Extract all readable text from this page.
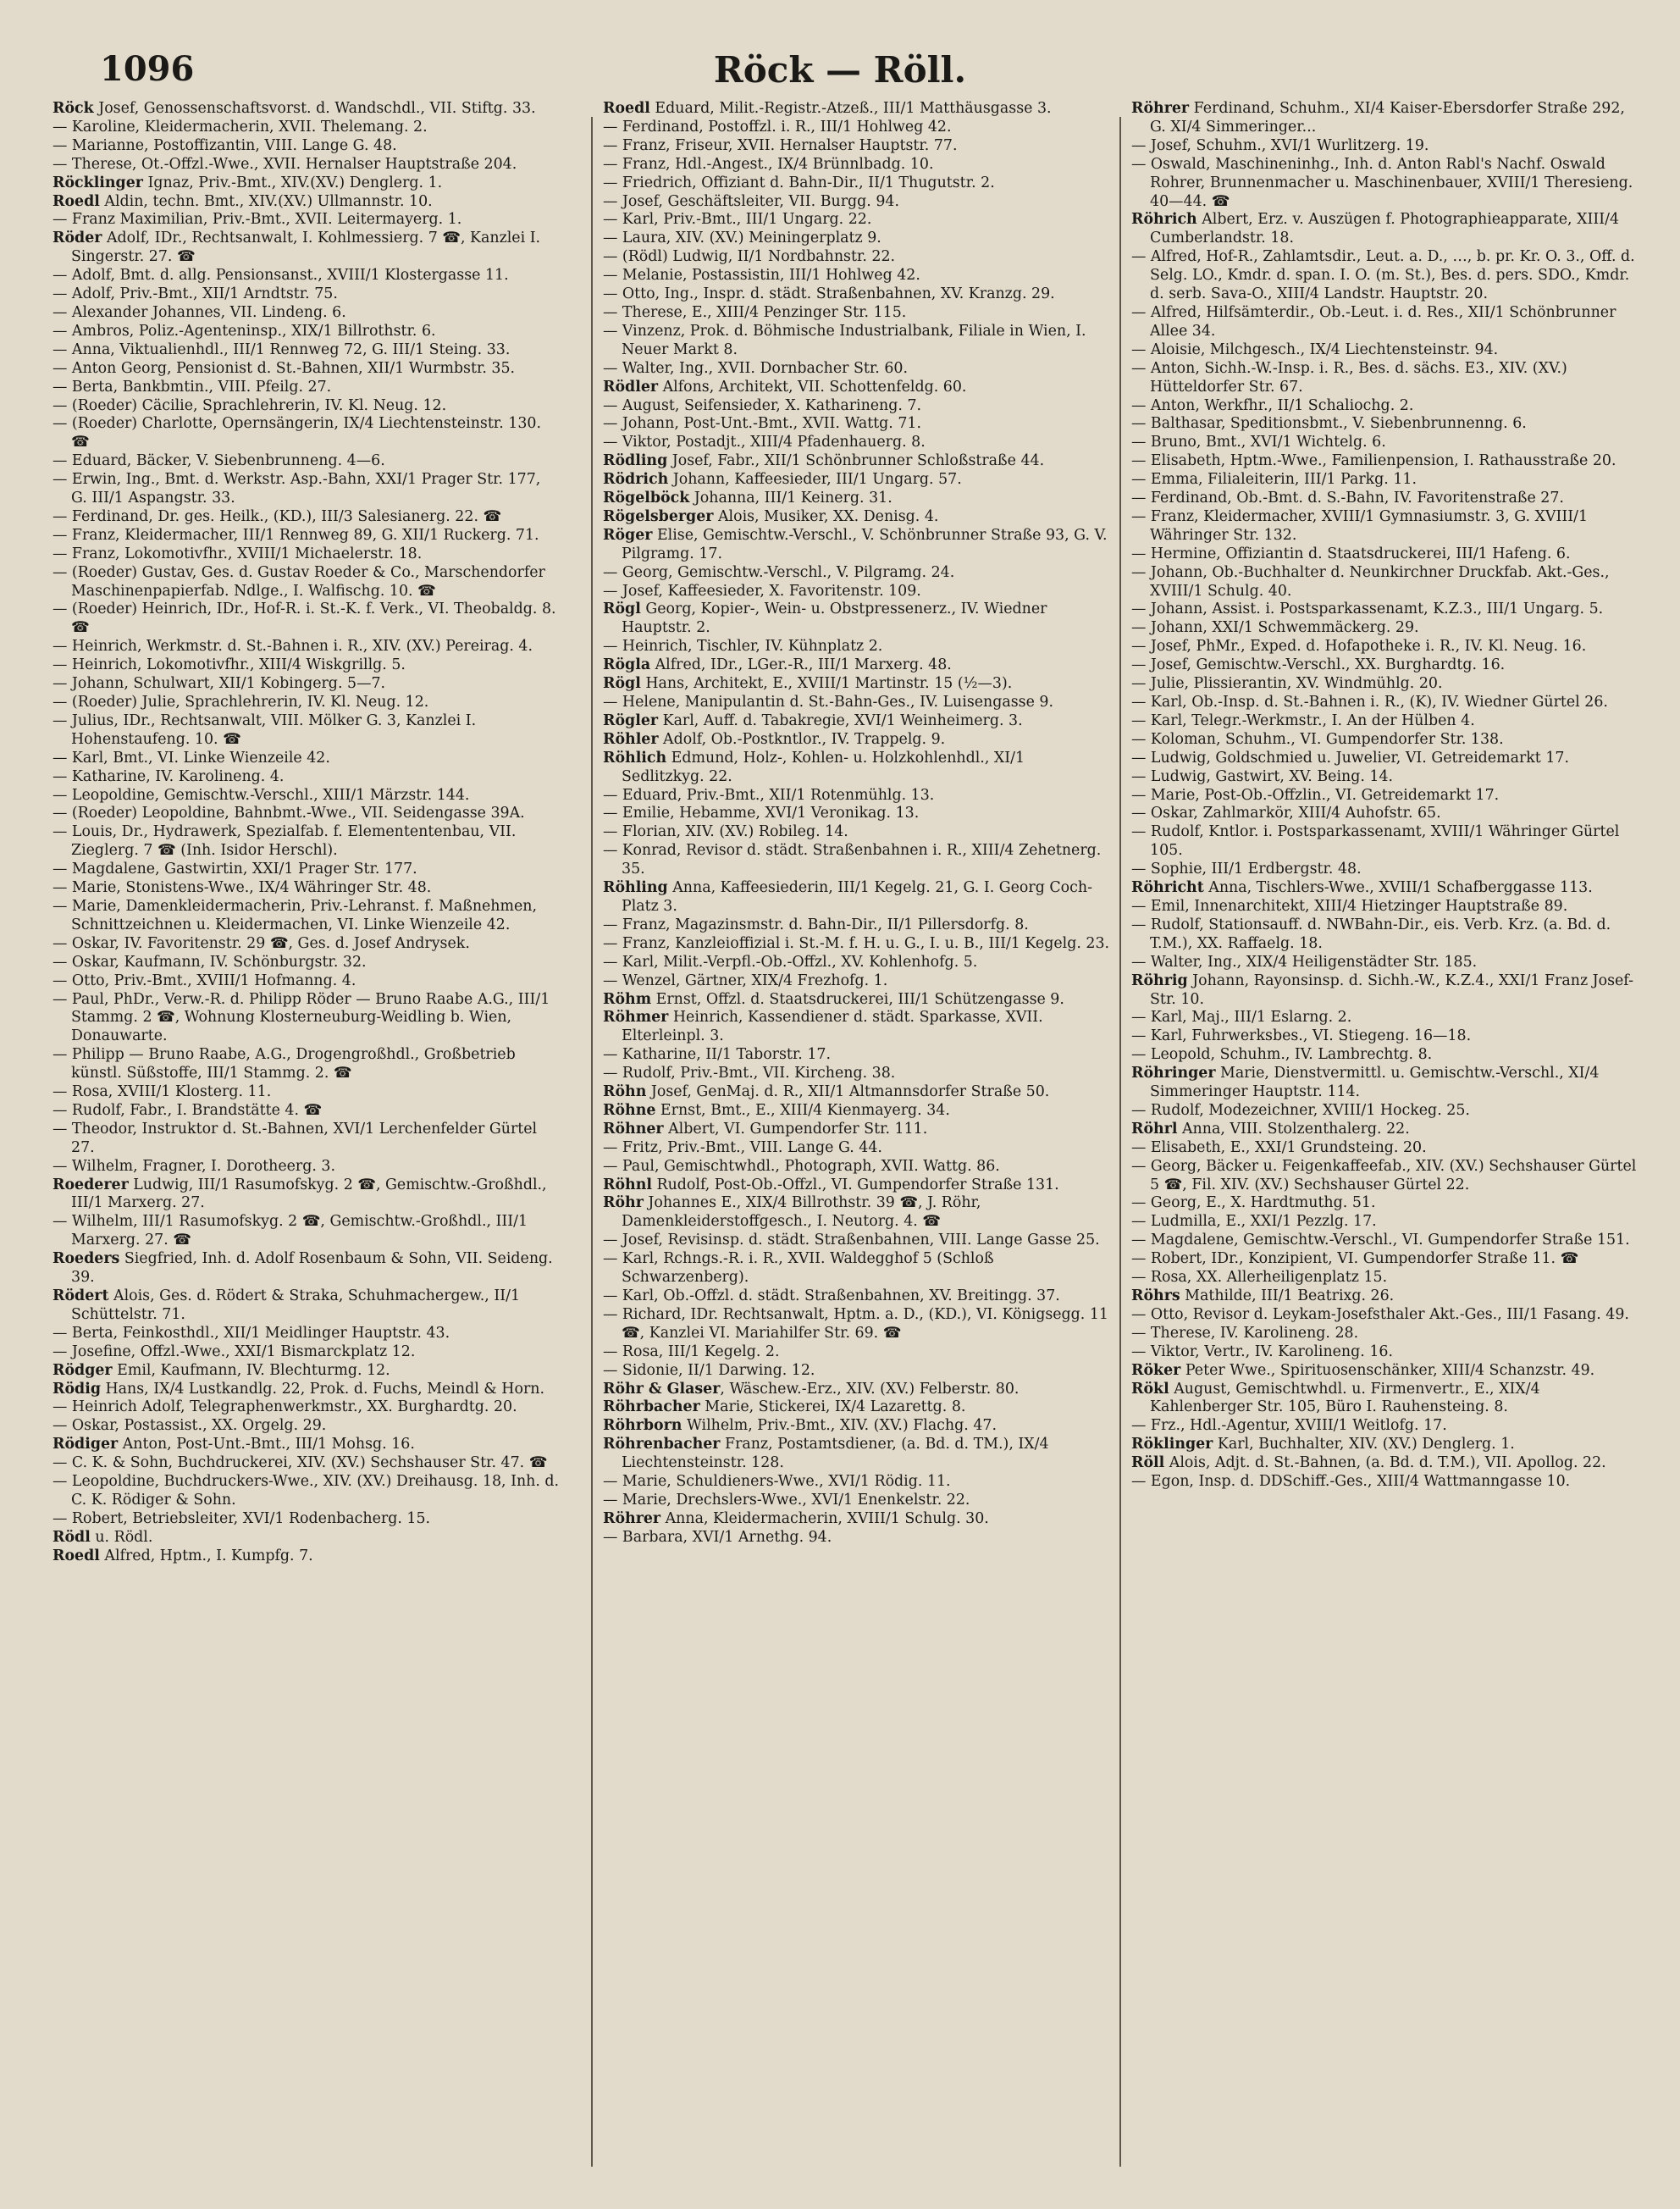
1096	Röck — Röll.

Röck Josef, Genossenschaftsvorst. d. Wandschdl., VII. Stiftg. 33.

— Karoline, Kleidermacherin, XVII. Thelemang. 2.

— Marianne, Postoffizantin, VIII. Lange G. 48.

— Therese, Ot.-Offzl.-Wwe., XVII. Hernalser Hauptstraße 204.

Röcklinger Ignaz, Priv.-Bmt., XIV.(XV.) Denglerg. 1.

Roedl Aldin, techn. Bmt., XIV.(XV.) Ullmannstr. 10.

— Franz Maximilian, Priv.-Bmt., XVII. Leitermayerg. 1.

Röder Adolf, IDr., Rechtsanwalt, I. Kohlmessierg. 7 ☎, Kanzlei I. Singerstr. 27. ☎

— Adolf, Bmt. d. allg. Pensionsanst., XVIII/1 Klostergasse 11.

— Adolf, Priv.-Bmt., XII/1 Arndtstr. 75.

— Alexander Johannes, VII. Lindeng. 6.

— Ambros, Poliz.-Agenteninsp., XIX/1 Billrothstr. 6.

— Anna, Viktualienhdl., III/1 Rennweg 72, G. III/1 Steing. 33.

— Anton Georg, Pensionist d. St.-Bahnen, XII/1 Wurmbstr. 35.

— Berta, Bankbmtin., VIII. Pfeilg. 27.

— (Roeder) Cäcilie, Sprachlehrerin, IV. Kl. Neug. 12.

— (Roeder) Charlotte, Opernsängerin, IX/4 Liechtensteinstr. 130. ☎

— Eduard, Bäcker, V. Siebenbrunneng. 4—6.

— Erwin, Ing., Bmt. d. Werkstr. Asp.-Bahn, XXI/1 Prager Str. 177, G. III/1 Aspangstr. 33.

— Ferdinand, Dr. ges. Heilk., (KD.), III/3 Salesianerg. 22. ☎

— Franz, Kleidermacher, III/1 Rennweg 89, G. XII/1 Ruckerg. 71.

— Franz, Lokomotivfhr., XVIII/1 Michaelerstr. 18.

— (Roeder) Gustav, Ges. d. Gustav Roeder & Co., Marschendorfer Maschinenpapierfab. Ndlge., I. Walfischg. 10. ☎

— (Roeder) Heinrich, IDr., Hof-R. i. St.-K. f. Verk., VI. Theobaldg. 8. ☎

— Heinrich, Werkmstr. d. St.-Bahnen i. R., XIV. (XV.) Pereirag. 4.

— Heinrich, Lokomotivfhr., XIII/4 Wiskgrillg. 5.

— Johann, Schulwart, XII/1 Kobingerg. 5—7.

— (Roeder) Julie, Sprachlehrerin, IV. Kl. Neug. 12.

— Julius, IDr., Rechtsanwalt, VIII. Mölker G. 3, Kanzlei I. Hohenstaufeng. 10. ☎

— Karl, Bmt., VI. Linke Wienzeile 42.

— Katharine, IV. Karolineng. 4.

— Leopoldine, Gemischtw.-Verschl., XIII/1 Märzstr. 144.

— (Roeder) Leopoldine, Bahnbmt.-Wwe., VII. Seidengasse 39A.

— Louis, Dr., Hydrawerk, Spezialfab. f. Elemententenbau, VII. Zieglerg. 7 ☎ (Inh. Isidor Herschl).

— Magdalene, Gastwirtin, XXI/1 Prager Str. 177.

— Marie, Stonistens-Wwe., IX/4 Währinger Str. 48.

— Marie, Damenkleidermacherin, Priv.-Lehranst. f. Maßnehmen, Schnittzeichnen u. Kleidermachen, VI. Linke Wienzeile 42.

— Oskar, IV. Favoritenstr. 29 ☎, Ges. d. Josef Andrysek.

— Oskar, Kaufmann, IV. Schönburgstr. 32.

— Otto, Priv.-Bmt., XVIII/1 Hofmanng. 4.

— Paul, PhDr., Verw.-R. d. Philipp Röder — Bruno Raabe A.G., III/1 Stammg. 2 ☎, Wohnung Klosterneuburg-Weidling b. Wien, Donauwarte.

— Philipp — Bruno Raabe, A.G., Drogengroßhdl., Großbetrieb künstl. Süßstoffe, III/1 Stammg. 2. ☎

— Rosa, XVIII/1 Klosterg. 11.

— Rudolf, Fabr., I. Brandstätte 4. ☎

— Theodor, Instruktor d. St.-Bahnen, XVI/1 Lerchenfelder Gürtel 27.

— Wilhelm, Fragner, I. Dorotheerg. 3.

Roederer Ludwig, III/1 Rasumofskyg. 2 ☎, Gemischtw.-Großhdl., III/1 Marxerg. 27.

— Wilhelm, III/1 Rasumofskyg. 2 ☎, Gemischtw.-Großhdl., III/1 Marxerg. 27. ☎

Roeders Siegfried, Inh. d. Adolf Rosenbaum & Sohn, VII. Seideng. 39.

Rödert Alois, Ges. d. Rödert & Straka, Schuhmachergew., II/1 Schüttelstr. 71.

— Berta, Feinkosthdl., XII/1 Meidlinger Hauptstr. 43.

— Josefine, Offzl.-Wwe., XXI/1 Bismarckplatz 12.

Rödger Emil, Kaufmann, IV. Blechturmg. 12.

Rödig Hans, IX/4 Lustkandlg. 22, Prok. d. Fuchs, Meindl & Horn.

— Heinrich Adolf, Telegraphenwerkmstr., XX. Burghardtg. 20.

— Oskar, Postassist., XX. Orgelg. 29.

Rödiger Anton, Post-Unt.-Bmt., III/1 Mohsg. 16.

— C. K. & Sohn, Buchdruckerei, XIV. (XV.) Sechshauser Str. 47. ☎

— Leopoldine, Buchdruckers-Wwe., XIV. (XV.) Dreihausg. 18, Inh. d. C. K. Rödiger & Sohn.

— Robert, Betriebsleiter, XVI/1 Rodenbacherg. 15.

Rödl u. Rödl.

Roedl Alfred, Hptm., I. Kumpfg. 7.

Roedl Eduard, Milit.-Registr.-Atzeß., III/1 Matthäusgasse 3.

— Ferdinand, Postoffzl. i. R., III/1 Hohlweg 42.

— Franz, Friseur, XVII. Hernalser Hauptstr. 77.

— Franz, Hdl.-Angest., IX/4 Brünnlbadg. 10.

— Friedrich, Offiziant d. Bahn-Dir., II/1 Thugutstr. 2.

— Josef, Geschäftsleiter, VII. Burgg. 94.

— Karl, Priv.-Bmt., III/1 Ungarg. 22.

— Laura, XIV. (XV.) Meiningerplatz 9.

— (Rödl) Ludwig, II/1 Nordbahnstr. 22.

— Melanie, Postassistin, III/1 Hohlweg 42.

— Otto, Ing., Inspr. d. städt. Straßenbahnen, XV. Kranzg. 29.

— Therese, E., XIII/4 Penzinger Str. 115.

— Vinzenz, Prok. d. Böhmische Industrialbank, Filiale in Wien, I. Neuer Markt 8.

— Walter, Ing., XVII. Dornbacher Str. 60.

Rödler Alfons, Architekt, VII. Schottenfeldg. 60.

— August, Seifensieder, X. Katharineng. 7.

— Johann, Post-Unt.-Bmt., XVII. Wattg. 71.

— Viktor, Postadjt., XIII/4 Pfadenhauerg. 8.

Rödling Josef, Fabr., XII/1 Schönbrunner Schloßstraße 44.

Rödrich Johann, Kaffeesieder, III/1 Ungarg. 57.

Rögelböck Johanna, III/1 Keinerg. 31.

Rögelsberger Alois, Musiker, XX. Denisg. 4.

Röger Elise, Gemischtw.-Verschl., V. Schönbrunner Straße 93, G. V. Pilgramg. 17.

— Georg, Gemischtw.-Verschl., V. Pilgramg. 24.

— Josef, Kaffeesieder, X. Favoritenstr. 109.

Rögl Georg, Kopier-, Wein- u. Obstpressenerz., IV. Wiedner Hauptstr. 2.

— Heinrich, Tischler, IV. Kühnplatz 2.

Rögla Alfred, IDr., LGer.-R., III/1 Marxerg. 48.

Rögl Hans, Architekt, E., XVIII/1 Martinstr. 15 (½—3).

— Helene, Manipulantin d. St.-Bahn-Ges., IV. Luisengasse 9.

Rögler Karl, Auff. d. Tabakregie, XVI/1 Weinheimerg. 3.

Röhler Adolf, Ob.-Postkntlor., IV. Trappelg. 9.

Röhlich Edmund, Holz-, Kohlen- u. Holzkohlenhdl., XI/1 Sedlitzkyg. 22.

— Eduard, Priv.-Bmt., XII/1 Rotenmühlg. 13.

— Emilie, Hebamme, XVI/1 Veronikag. 13.

— Florian, XIV. (XV.) Robileg. 14.

— Konrad, Revisor d. städt. Straßenbahnen i. R., XIII/4 Zehetnerg. 35.

Röhling Anna, Kaffeesiederin, III/1 Kegelg. 21, G. I. Georg Coch-Platz 3.

— Franz, Magazinsmstr. d. Bahn-Dir., II/1 Pillersdorfg. 8.

— Franz, Kanzleioffizial i. St.-M. f. H. u. G., I. u. B., III/1 Kegelg. 23.

— Karl, Milit.-Verpfl.-Ob.-Offzl., XV. Kohlenhofg. 5.

— Wenzel, Gärtner, XIX/4 Frezhofg. 1.

Röhm Ernst, Offzl. d. Staatsdruckerei, III/1 Schützengasse 9.

Röhmer Heinrich, Kassendiener d. städt. Sparkasse, XVII. Elterleinpl. 3.

— Katharine, II/1 Taborstr. 17.

— Rudolf, Priv.-Bmt., VII. Kircheng. 38.

Röhn Josef, GenMaj. d. R., XII/1 Altmannsdorfer Straße 50.

Röhne Ernst, Bmt., E., XIII/4 Kienmayerg. 34.

Röhner Albert, VI. Gumpendorfer Str. 111.

— Fritz, Priv.-Bmt., VIII. Lange G. 44.

— Paul, Gemischtwhdl., Photograph, XVII. Wattg. 86.

Röhnl Rudolf, Post-Ob.-Offzl., VI. Gumpendorfer Straße 131.

Röhr Johannes E., XIX/4 Billrothstr. 39 ☎, J. Röhr, Damenkleiderstoffgesch., I. Neutorg. 4. ☎

— Josef, Revisinsp. d. städt. Straßenbahnen, VIII. Lange Gasse 25.

— Karl, Rchngs.-R. i. R., XVII. Waldegghof 5 (Schloß Schwarzenberg).

— Karl, Ob.-Offzl. d. städt. Straßenbahnen, XV. Breitingg. 37.

— Richard, IDr. Rechtsanwalt, Hptm. a. D., (KD.), VI. Königsegg. 11 ☎, Kanzlei VI. Mariahilfer Str. 69. ☎

— Rosa, III/1 Kegelg. 2.

— Sidonie, II/1 Darwing. 12.

Röhr & Glaser, Wäschew.-Erz., XIV. (XV.) Felberstr. 80.

Röhrbacher Marie, Stickerei, IX/4 Lazarettg. 8.

Röhrborn Wilhelm, Priv.-Bmt., XIV. (XV.) Flachg. 47.

Röhrenbacher Franz, Postamtsdiener, (a. Bd. d. TM.), IX/4 Liechtensteinstr. 128.

— Marie, Schuldieners-Wwe., XVI/1 Rödig. 11.

— Marie, Drechslers-Wwe., XVI/1 Enenkelstr. 22.

Röhrer Anna, Kleidermacherin, XVIII/1 Schulg. 30.

— Barbara, XVI/1 Arnethg. 94.

Röhrer Ferdinand, Schuhm., XI/4 Kaiser-Ebersdorfer Straße 292, G. XI/4 Simmeringer...

— Josef, Schuhm., XVI/1 Wurlitzerg. 19.

— Oswald, Maschineninhg., Inh. d. Anton Rabl's Nachf. Oswald Rohrer, Brunnenmacher u. Maschinenbauer, XVIII/1 Theresieng. 40—44. ☎

Röhrich Albert, Erz. v. Auszügen f. Photographieapparate, XIII/4 Cumberlandstr. 18.

— Alfred, Hof-R., Zahlamtsdir., Leut. a. D., …, b. pr. Kr. O. 3., Off. d. Selg. LO., Kmdr. d. span. I. O. (m. St.), Bes. d. pers. SDO., Kmdr. d. serb. Sava-O., XIII/4 Landstr. Hauptstr. 20.

— Alfred, Hilfsämterdir., Ob.-Leut. i. d. Res., XII/1 Schönbrunner Allee 34.

— Aloisie, Milchgesch., IX/4 Liechtensteinstr. 94.

— Anton, Sichh.-W.-Insp. i. R., Bes. d. sächs. E3., XIV. (XV.) Hütteldorfer Str. 67.

— Anton, Werkfhr., II/1 Schaliochg. 2.

— Balthasar, Speditionsbmt., V. Siebenbrunnenng. 6.

— Bruno, Bmt., XVI/1 Wichtelg. 6.

— Elisabeth, Hptm.-Wwe., Familienpension, I. Rathausstraße 20.

— Emma, Filialeiterin, III/1 Parkg. 11.

— Ferdinand, Ob.-Bmt. d. S.-Bahn, IV. Favoritenstraße 27.

— Franz, Kleidermacher, XVIII/1 Gymnasiumstr. 3, G. XVIII/1 Währinger Str. 132.

— Hermine, Offiziantin d. Staatsdruckerei, III/1 Hafeng. 6.

— Johann, Ob.-Buchhalter d. Neunkirchner Druckfab. Akt.-Ges., XVIII/1 Schulg. 40.

— Johann, Assist. i. Postsparkassenamt, K.Z.3., III/1 Ungarg. 5.

— Johann, XXI/1 Schwemmäckerg. 29.

— Josef, PhMr., Exped. d. Hofapotheke i. R., IV. Kl. Neug. 16.

— Josef, Gemischtw.-Verschl., XX. Burghardtg. 16.

— Julie, Plissierantin, XV. Windmühlg. 20.

— Karl, Ob.-Insp. d. St.-Bahnen i. R., (K), IV. Wiedner Gürtel 26.

— Karl, Telegr.-Werkmstr., I. An der Hülben 4.

— Koloman, Schuhm., VI. Gumpendorfer Str. 138.

— Ludwig, Goldschmied u. Juwelier, VI. Getreidemarkt 17.

— Ludwig, Gastwirt, XV. Being. 14.

— Marie, Post-Ob.-Offzlin., VI. Getreidemarkt 17.

— Oskar, Zahlmarkör, XIII/4 Auhofstr. 65.

— Rudolf, Kntlor. i. Postsparkassenamt, XVIII/1 Währinger Gürtel 105.

— Sophie, III/1 Erdbergstr. 48.

Röhricht Anna, Tischlers-Wwe., XVIII/1 Schafberggasse 113.

— Emil, Innenarchitekt, XIII/4 Hietzinger Hauptstraße 89.

— Rudolf, Stationsauff. d. NWBahn-Dir., eis. Verb. Krz. (a. Bd. d. T.M.), XX. Raffaelg. 18.

— Walter, Ing., XIX/4 Heiligenstädter Str. 185.

Röhrig Johann, Rayonsinsp. d. Sichh.-W., K.Z.4., XXI/1 Franz Josef-Str. 10.

— Karl, Maj., III/1 Eslarng. 2.

— Karl, Fuhrwerksbes., VI. Stiegeng. 16—18.

— Leopold, Schuhm., IV. Lambrechtg. 8.

Röhringer Marie, Dienstvermittl. u. Gemischtw.-Verschl., XI/4 Simmeringer Hauptstr. 114.

— Rudolf, Modezeichner, XVIII/1 Hockeg. 25.

Röhrl Anna, VIII. Stolzenthalerg. 22.

— Elisabeth, E., XXI/1 Grundsteing. 20.

— Georg, Bäcker u. Feigenkaffeefab., XIV. (XV.) Sechshauser Gürtel 5 ☎, Fil. XIV. (XV.) Sechshauser Gürtel 22.

— Georg, E., X. Hardtmuthg. 51.

— Ludmilla, E., XXI/1 Pezzlg. 17.

— Magdalene, Gemischtw.-Verschl., VI. Gumpendorfer Straße 151.

— Robert, IDr., Konzipient, VI. Gumpendorfer Straße 11. ☎

— Rosa, XX. Allerheiligenplatz 15.

Röhrs Mathilde, III/1 Beatrixg. 26.

— Otto, Revisor d. Leykam-Josefsthaler Akt.-Ges., III/1 Fasang. 49.

— Therese, IV. Karolineng. 28.

— Viktor, Vertr., IV. Karolineng. 16.

Röker Peter Wwe., Spirituosenschänker, XIII/4 Schanzstr. 49.

Rökl August, Gemischtwhdl. u. Firmenvertr., E., XIX/4 Kahlenberger Str. 105, Büro I. Rauhensteing. 8.

— Frz., Hdl.-Agentur, XVIII/1 Weitlofg. 17.

Röklinger Karl, Buchhalter, XIV. (XV.) Denglerg. 1.

Röll Alois, Adjt. d. St.-Bahnen, (a. Bd. d. T.M.), VII. Apollog. 22.

— Egon, Insp. d. DDSchiff.-Ges., XIII/4 Wattmanngasse 10.
